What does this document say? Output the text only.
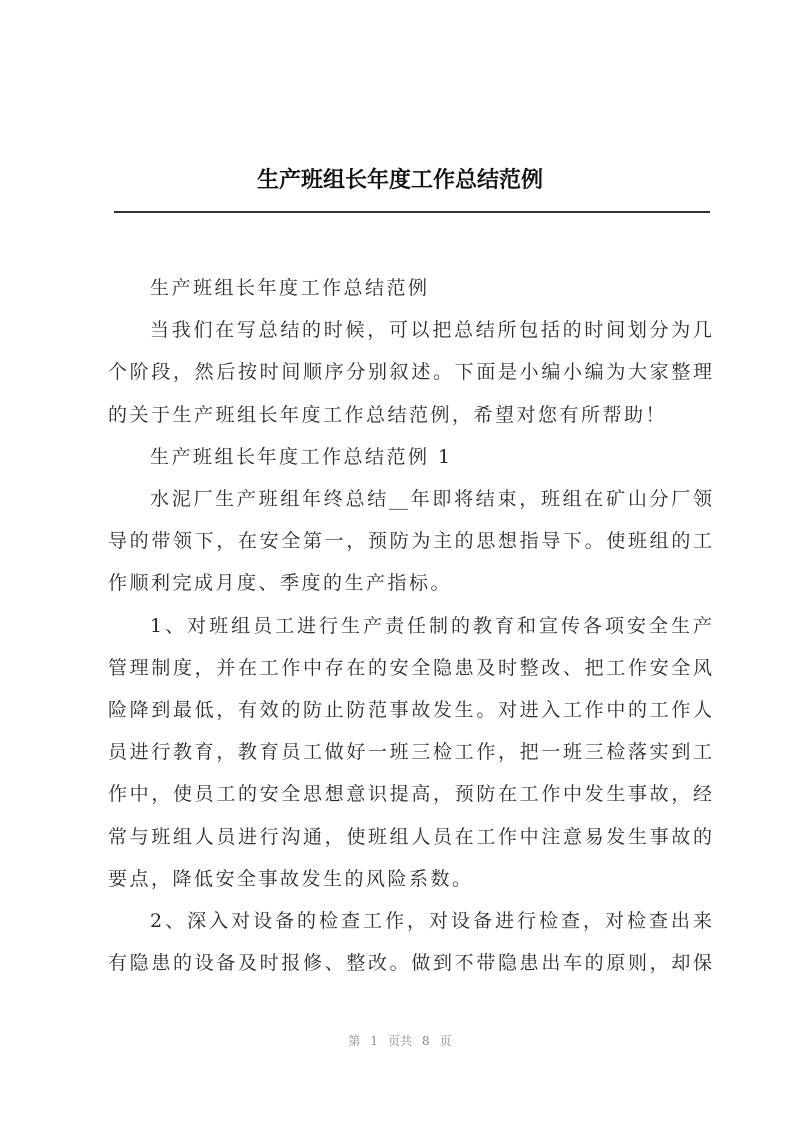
生产班组长年度工作总结范例
生产班组长年度工作总结范例
当我们在写总结的时候，可以把总结所包括的时间划分为几
个阶段，然后按时间顺序分别叙述。下面是小编小编为大家整理
的关于生产班组长年度工作总结范例，希望对您有所帮助！
生产班组长年度工作总结范例 1
水泥厂生产班组年终总结__年即将结束，班组在矿山分厂领
导的带领下，在安全第一，预防为主的思想指导下。使班组的工
作顺利完成月度、季度的生产指标。
1、对班组员工进行生产责任制的教育和宣传各项安全生产
管理制度，并在工作中存在的安全隐患及时整改、把工作安全风
险降到最低，有效的防止防范事故发生。对进入工作中的工作人
员进行教育，教育员工做好一班三检工作，把一班三检落实到工
作中，使员工的安全思想意识提高，预防在工作中发生事故，经
常与班组人员进行沟通，使班组人员在工作中注意易发生事故的
要点，降低安全事故发生的风险系数。
2、深入对设备的检查工作，对设备进行检查，对检查出来
有隐患的设备及时报修、整改。做到不带隐患出车的原则，却保
第 1 页共 8 页
